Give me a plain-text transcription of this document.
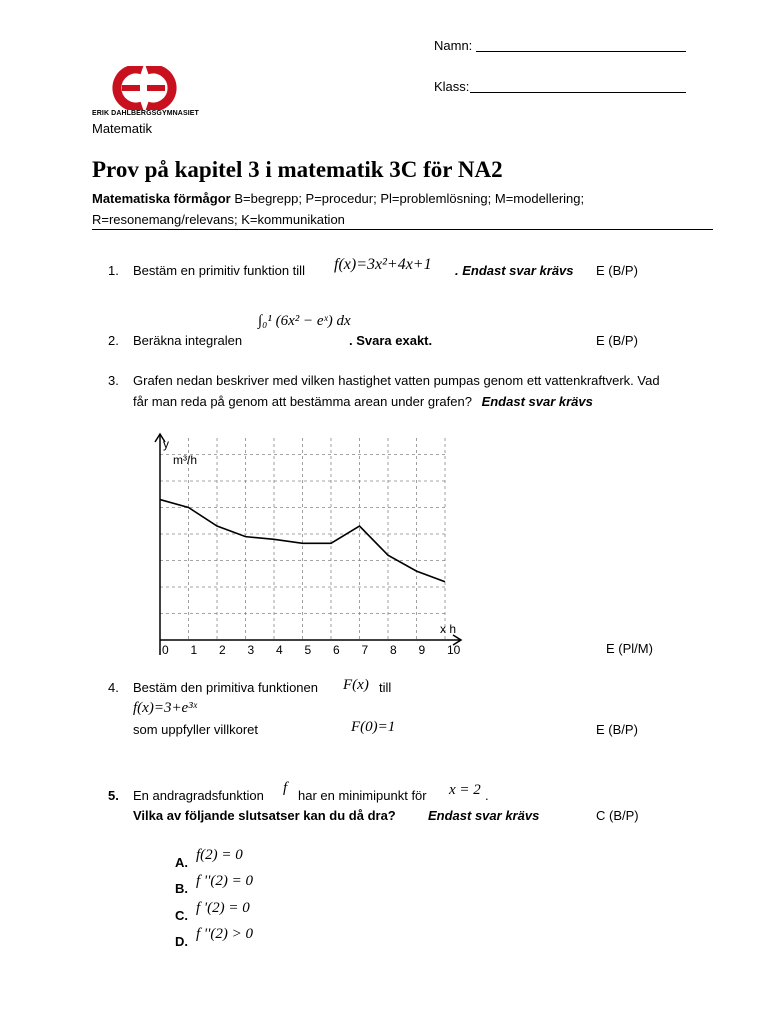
Namn:
Klass:
ED
ERIK DAHLBERGSGYMNASIET
Matematik
Prov på kapitel 3 i matematik 3C för NA2
Matematiska förmågor B=begrepp; P=procedur; Pl=problemlösning; M=modellering;
R=resonemang/relevans; K=kommunikation
1. Bestäm en primitiv funktion till f(x)=3x²+4x+1 . Endast svar krävs E (B/P)
2. Beräkna integralen
∫₀¹ (6x² − eˣ) dx
. Svara exakt.	E (B/P)
3. Grafen nedan beskriver med vilken hastighet vatten pumpas genom ett vattenkraftverk. Vad
får man reda på genom att bestämma arean under grafen? Endast svar krävs
y
m³/h
x h
0 1 2 3 4 5 6 7 8 9 10	E (Pl/M)
4. Bestäm den primitiva funktionen F(x) till
f(x)=3+e³ˣ
som uppfyller villkoret	F(0)=1	E (B/P)
5. En andragradsfunktion f har en minimipunkt för x = 2 .
Vilka av följande slutsatser kan du då dra? Endast svar krävs	C (B/P)
A. f(2) = 0
B. f ''(2) = 0
C. f '(2) = 0
D. f ''(2) > 0
